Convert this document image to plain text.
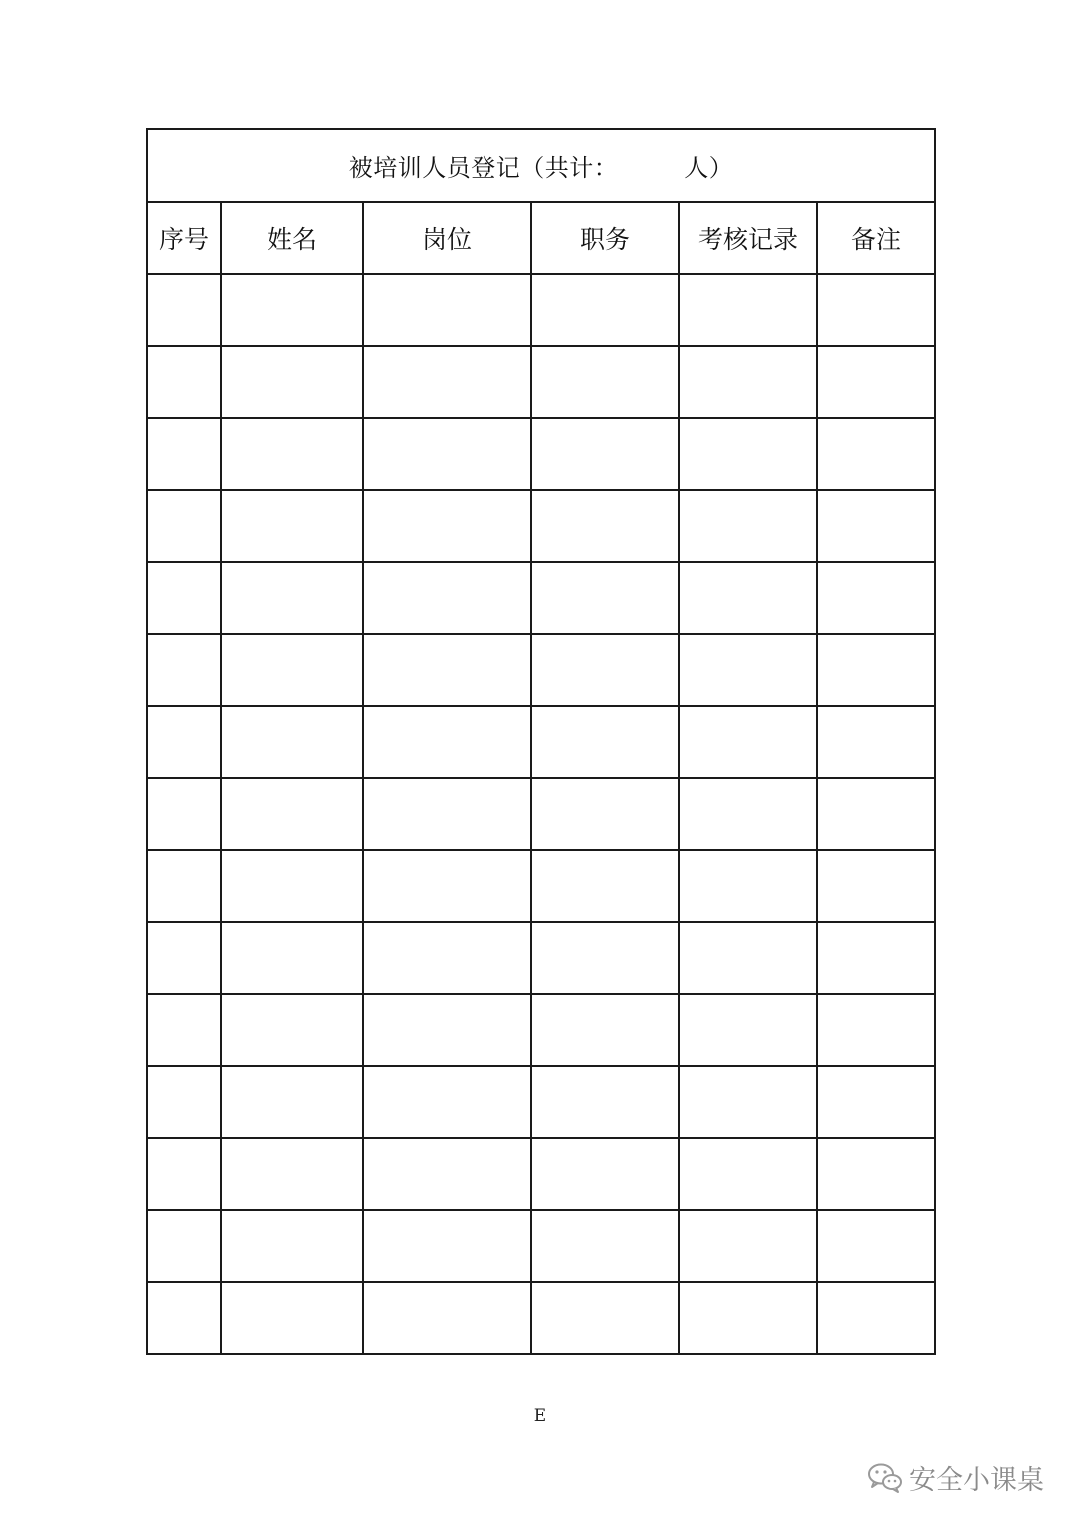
被培训人员登记（共计： 人）					
序号	姓名	岗位	职务	考核记录	备注

E
安全小课桌
